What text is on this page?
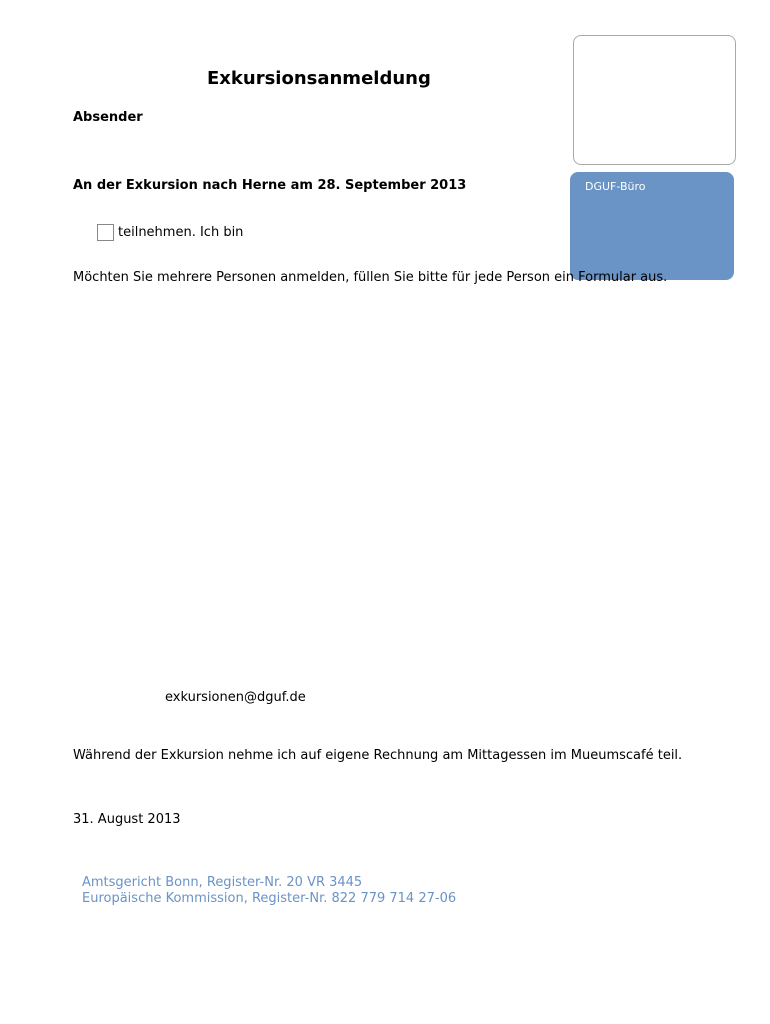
DGUF-Büro
Exkursionsanmeldung
Absender
An der Exkursion nach Herne am 28. September 2013
teilnehmen. Ich bin
Möchten Sie mehrere Personen anmelden, füllen Sie bitte für jede Person ein Formular aus.
exkursionen@dguf.de
Während der Exkursion nehme ich auf eigene Rechnung am Mittagessen im Mueumscafé teil.
31. August 2013
Amtsgericht Bonn, Register-Nr. 20 VR 3445
Europäische Kommission, Register-Nr. 822 779 714 27-06
